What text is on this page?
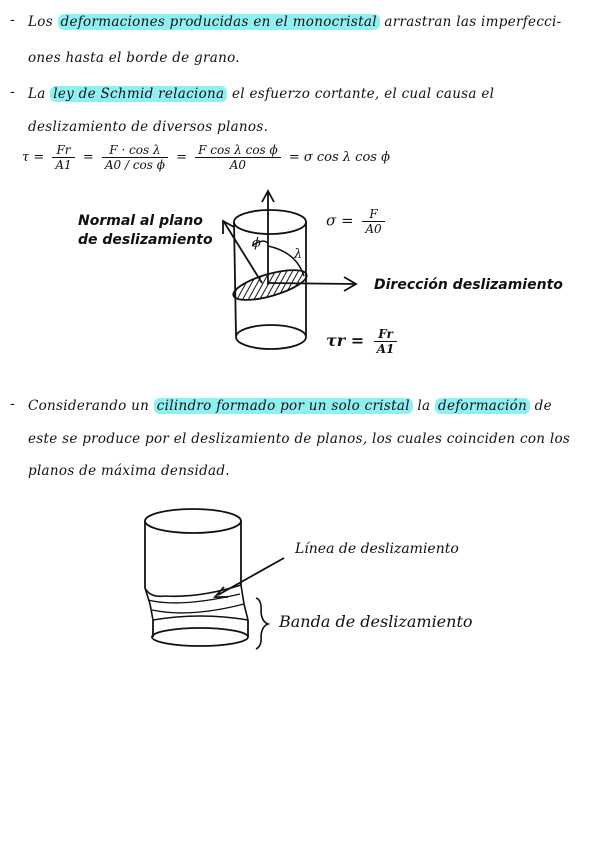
- Los deformaciones producidas en el monocristal arrastran las imperfecci-
ones hasta el borde de grano.
- La ley de Schmid relaciona el esfuerzo cortante, el cual causa el
deslizamiento de diversos planos.
$\tau = \frac{Fr}{A1} = \frac{\text{F · cos λ}}{\text{A0 / cos ϕ}} = \frac{\text{F cos λ cos ϕ}}{A0} = \sigma$ cos λ cos ϕ
Normal al plano
de deslizamiento	ϕ
λ
$\sigma = \frac{F}{A0}$
Dirección deslizamiento
$\tau r = \frac{Fr}{A1}$
- Considerando un cilindro formado por un solo cristal la deformación de
este se produce por el deslizamiento de planos, los cuales coinciden con los
planos de máxima densidad.
Línea de deslizamiento
Banda de deslizamiento
